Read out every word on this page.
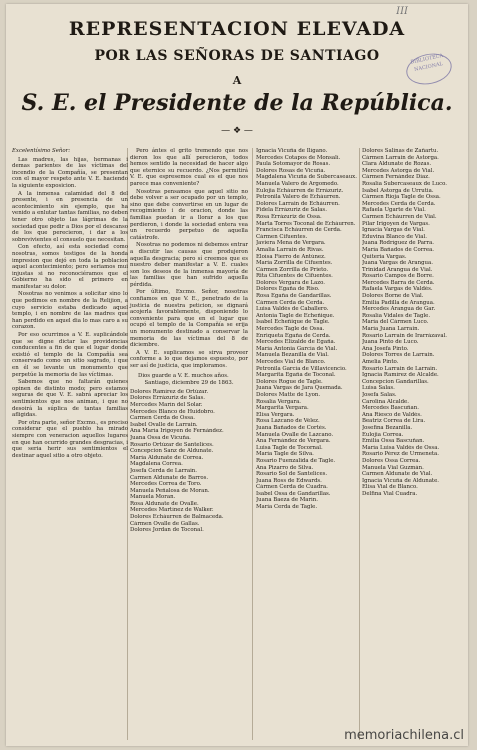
III
BIBLIOTECA NACIONAL
REPRESENTACION ELEVADA
POR LAS SEÑORAS DE SANTIAGO
A
S. E. el Presidente de la República.
— ❖ —

Excelentísimo Señor:

Las madres, las hijas, hermanas i demas parientes de las víctimas del incendio de la Compañía, se presentan con el mayor respeto ante V. E. haciendo la siguiente exposicion.

A la inmensa calamidad del 8 del presente, i en presencia de un acontecimiento sin ejemplo, que ha venido a enlutar tantas familias, no deben tener otro objeto las lágrimas de la sociedad que pedir a Dios por el descanso de los que perecieron, i dar a los sobrevivientes el consuelo que necesitan.

Con efecto, así esta sociedad como nosotras, somos testigos de la honda impresion que dejó en toda la poblacion aquel acontecimiento; pero seriamos mui injustas si no reconociéramos que el Gobierno ha sido el primero en manifestar su dolor.

Nosotras no venimos a solicitar sino lo que pedimos en nombre de la Relijion, a cuyo servicio estaba dedicado aquel templo, i en nombre de las madres que han perdido en aquel dia lo mas caro a su corazon.

Por eso ocurrimos a V. E. suplicándole que se digne dictar las providencias conducentes a fin de que el lugar donde existió el templo de la Compañía sea conservado como un sitio sagrado, i que en él se levante un monumento que perpetúe la memoria de las víctimas.

Sabemos que no faltarán quienes opinen de distinto modo; pero estamos seguras de que V. E. sabrá apreciar los sentimientos que nos animan, i que no desoirá la súplica de tantas familias afligidas.

Por otra parte, señor Excmo., es preciso considerar que el pueblo ha mirado siempre con veneracion aquellos lugares en que han ocurrido grandes desgracias, i que seria herir sus sentimientos el destinar aquel sitio a otro objeto.

Pero ántes el grito tremendo que nos dieron los que allí perecieron, todos hemos sentido la necesidad de hacer algo que eternice su recuerdo. ¿Nos permitirá V. E. que espresemos cual es el que nos parece mas conveniente?

Nosotras pensamos que aquel sitio no debe volver a ser ocupado por un templo, sino que debe convertirse en un lugar de recogimiento i de oracion, donde las familias puedan ir a llorar a los que perdieron, i donde la sociedad entera vea un recuerdo perpetuo de aquella catástrofe.

Nosotras no podemos ni debemos entrar a discutir las causas que produjeron aquella desgracia; pero sí creemos que es nuestro deber manifestar a V. E. cuales son los deseos de la inmensa mayoría de las familias que han sufrido aquella pérdida.

Por último, Excmo. Señor, nosotras confiamos en que V. E., penetrado de la justicia de nuestra peticion, se dignará acojerla favorablemente, disponiendo lo conveniente para que en el lugar que ocupó el templo de la Compañía se erija un monumento destinado a conservar la memoria de las víctimas del 8 de diciembre.

A V. E. suplicamos se sirva proveer conforme a lo que dejamos espuesto, por ser así de justicia, que imploramos.

Dios guarde a V. E. muchos años.

Santiago, diciembre 29 de 1863.

Dolores Ramírez de Ortúzar.

Dolores Errázuriz de Salas.

Mercedes Marín del Solar.

Mercedes Blanco de Huidobro.

Carmen Cerda de Ossa.

Isabel Ovalle de Larrain.

Ana María Irigoyen de Fernández.

Juana Ossa de Vicuña.

Rosario Ortúzar de Santelices.

Concepcion Sanz de Aldunate.

María Aldunate de Correa.

Magdalena Correa.

Josefa Cerda de Larrain.

Carmen Aldunate de Barros.

Mercedes Correa de Toro.

Manuela Peñalosa de Moran.

Manuela Moran.

Rosa Aldunate de Ovalle.

Mercedes Martínez de Walker.

Dolores Echáurren de Balmaceda.

Cármen Ovalle de Gallas.

Dolores Jordan de Toconal.

Ignacia Vicuña de Ilígano.

Mercedes Cotapos de Monsalí.

Paula Sotomayor de Rosas.

Dolores Rosas de Vicuña.

Magdalena Vicuña de Subercaseaux.

Manuela Valero de Argomedo.

Eulojia Echáurren de Errázuriz.

Petronila Valero de Echáurren.

Dolores Larrain de Echáurren.

Fidela Errázuriz de Salas.

Rosa Errázuriz de Ossa.

Marta Torres Toconal de Echáurren.

Francisca Echáurren de Cerda.

Cármen Cifuentes.

Javiera Mena de Vergara.

Amalia Larrain de Rivas.

Eloísa Fierro de Antúnez.

María Zorrilla de Cifuentes.

Cármen Zorrilla de Prieto.

Rita Cifuentes de Cifuentes.

Dolores Vergara de Lazo.

Dolores Egaña de Riso.

Rosa Egaña de Gandarillas.

Cármen Cerda de Cerda.

Luisa Valdés de Caballero.

Antonia Tagle de Echeñique.

Isabel Echeñique de Tagle.

Mercedes Tagle de Ossa.

Enriqueta Egaña de Cerda.

Mercedes Elizalde de Egaña.

María Antonia García de Vial.

Manuela Bezanilla de Vial.

Mercedes Vial de Blanco.

Petronila García de Villavicencio.

Margarita Egaña de Toconal.

Dolores Rogue de Tagle.

Juana Vargas de Jara Quemada.

Dolores Matte de Lyon.

Rosalía Vergara.

Margarita Vergara.

Elisa Vergara.

Rosa Lazcano de Vélez.

Juana Bañados de Cortés.

Manuela Ovalle de Lazcano.

Ana Fernández de Vergara.

Luisa Tagle de Tocornal.

María Tagle de Silva.

Rosario Fuenzalida de Tagle.

Ana Pizarro de Silva.

Rosario Sol de Santelices.

Juana Ross de Edwards.

Cármen Cerda de Cuadra.

Isabel Ossa de Gandarillas.

Juana Baeza de Marín.

María Cerda de Tagle.

Dolores Salinas de Zañartu.

Cármen Larrain de Astorga.

Clara Aldunate de Rozas.

Mercedes Astorga de Vial.

Cármen Fernández Díaz.

Rosalía Subercaseaux de Luco.

Isabel Astorga de Urrutia.

Cármen Rioja Tagle de Ossa.

Mercedes Cerda de Cerda.

Rafaela Ugarte de Vial.

Carmen Echáurren de Vial.

Pilar Irigoyen de Vargas.

Ignacia Vargas de Vial.

Eduvina Blanco de Vial.

Juana Rodríguez de Parra.

María Bañados de Correa.

Quiteria Vargas.

Juana Vargas de Arangua.

Trinidad Arangua de Vial.

Rosario Campos de Borre.

Mercedes Barra de Cerda.

Rafaela Vargas de Valdés.

Dolores Borne de Vial.

Emilia Padilla de Arangua.

Mercedes Arangua de Gar.

Rosalía Vidales de Tagle.

María del Cármen Luco.

María Juana Larrain.

Rosario Larrain de Irarrázaval.

Juana Pinto de Luco.

Ana Josefa Pinto.

Dolores Torres de Larrain.

Amelia Pinto.

Rosario Larrain de Larrain.

Ignacia Ramírez de Alcalde.

Concepcion Gandarillas.

Luisa Salas.

Josefa Salas.

Carolina Alcalde.

Mercedes Bascuñan.

Ana Riesco de Valdés.

Beatriz Correa de Lira.

Josefina Bezanilla.

Eulojia Correa.

Emilia Ossa Bascuñan.

María Luisa Valdés de Ossa.

Rosario Pérez de Urmeneta.

Dolores Ossa Correa.

Manuela Vial Guzmán.

Carmen Aldunate de Vial.

Ignacia Vicuña de Aldunate.

Elisa Vial de Blanco.

Delfina Vial Cuadra.

memoriachilena.cl
